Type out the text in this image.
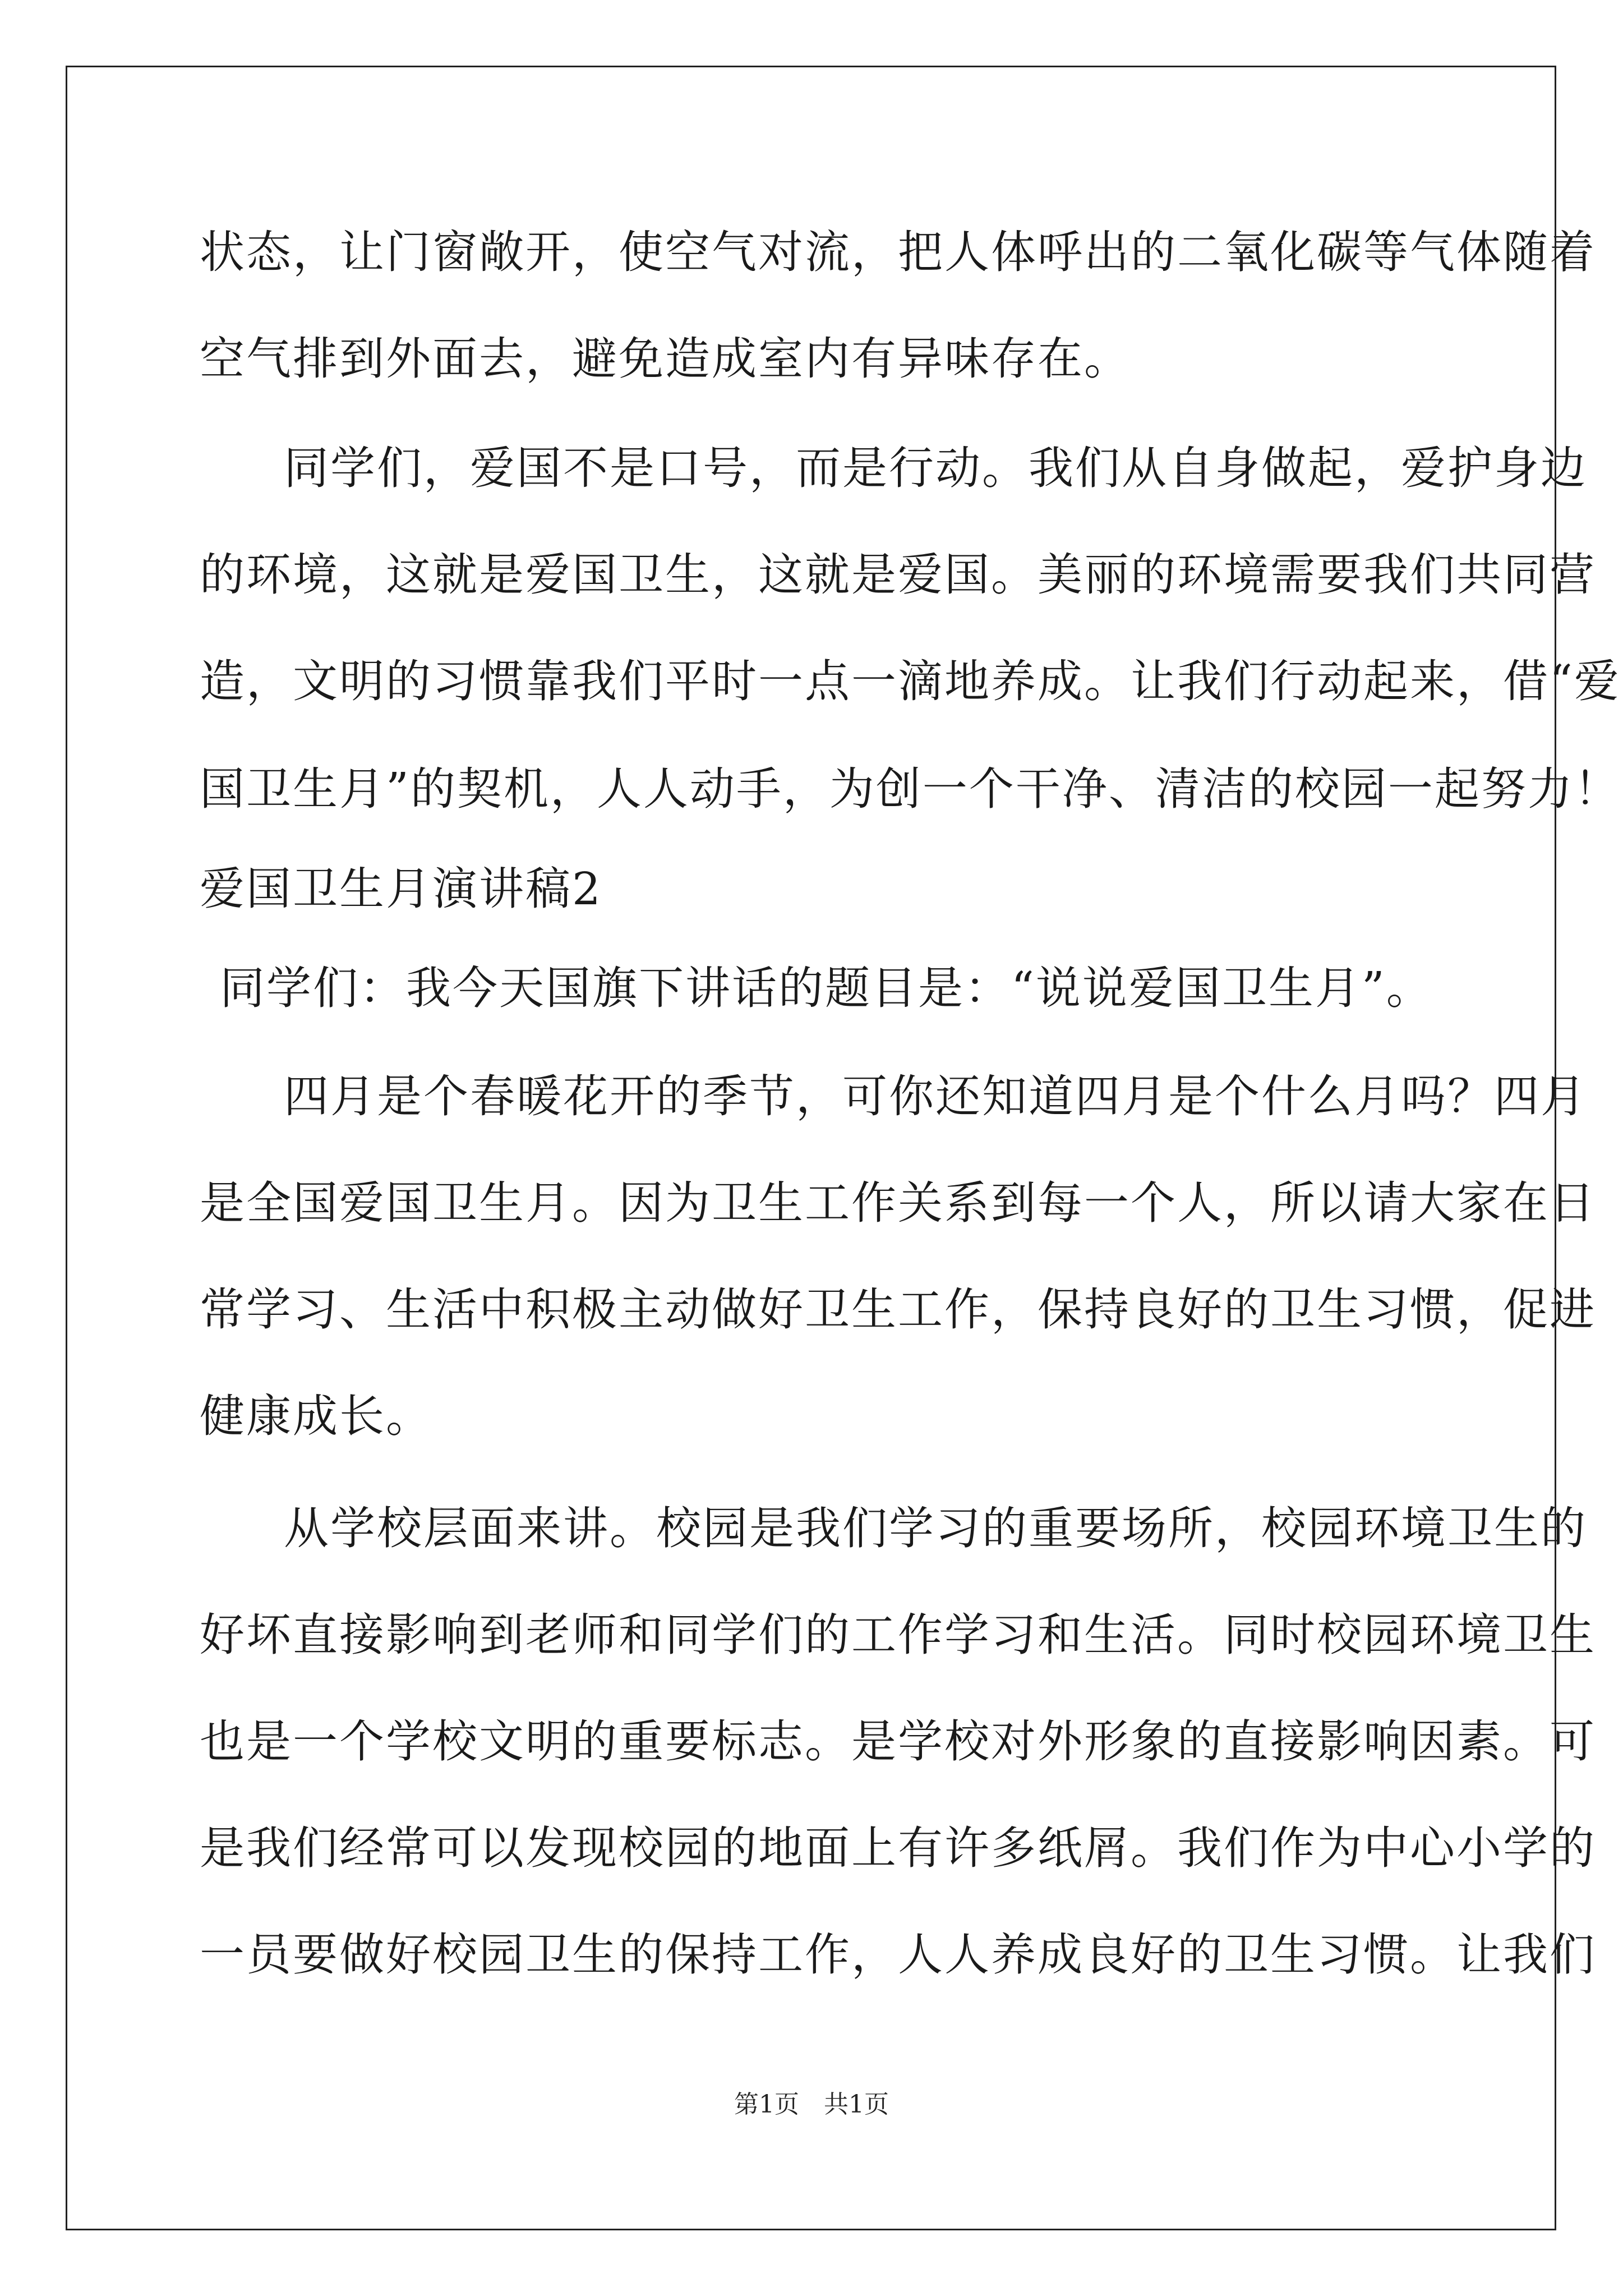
状态，让门窗敞开，使空气对流，把人体呼出的二氧化碳等气体随着
空气排到外面去，避免造成室内有异味存在。
同学们，爱国不是口号，而是行动。我们从自身做起，爱护身边
的环境，这就是爱国卫生，这就是爱国。美丽的环境需要我们共同营
造，文明的习惯靠我们平时一点一滴地养成。让我们行动起来，借“爱
国卫生月”的契机，人人动手，为创一个干净、清洁的校园一起努力！
爱国卫生月演讲稿2
同学们：我今天国旗下讲话的题目是：“说说爱国卫生月”。
四月是个春暖花开的季节，可你还知道四月是个什么月吗？四月
是全国爱国卫生月。因为卫生工作关系到每一个人，所以请大家在日
常学习、生活中积极主动做好卫生工作，保持良好的卫生习惯，促进
健康成长。
从学校层面来讲。校园是我们学习的重要场所，校园环境卫生的
好坏直接影响到老师和同学们的工作学习和生活。同时校园环境卫生
也是一个学校文明的重要标志。是学校对外形象的直接影响因素。可
是我们经常可以发现校园的地面上有许多纸屑。我们作为中心小学的
一员要做好校园卫生的保持工作，人人养成良好的卫生习惯。让我们
第1页　共1页
